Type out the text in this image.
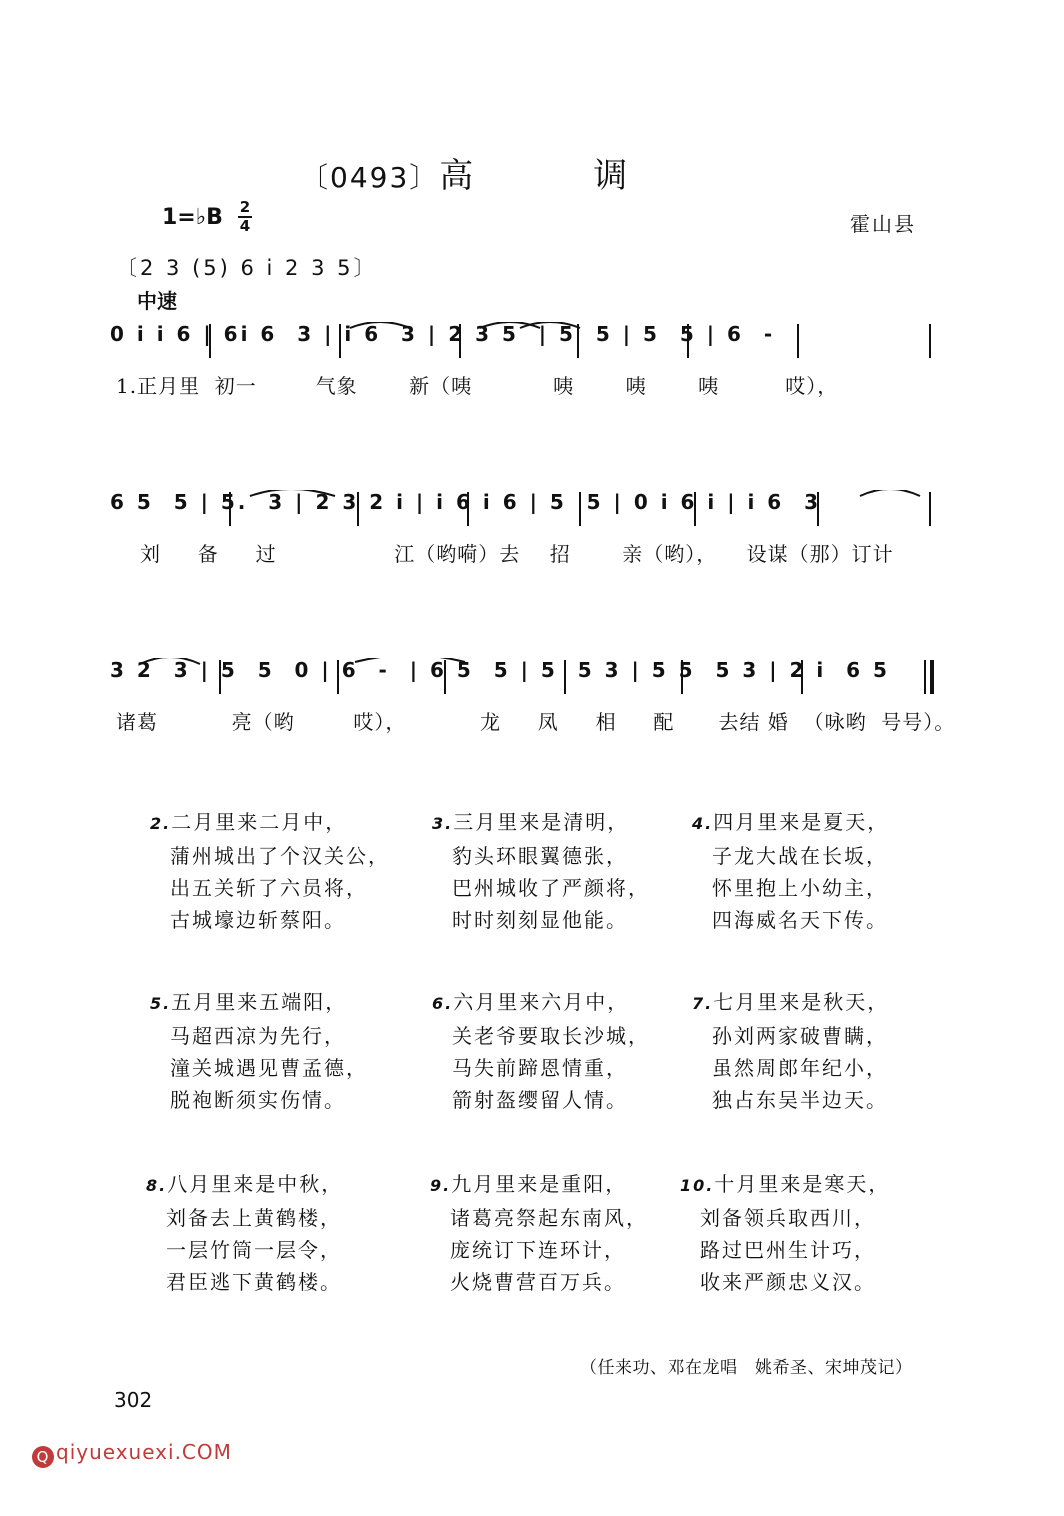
〔0493〕高	调
1=♭B 2
4	霍山县
〔2 3 (5) 6 i 2 3 5〕
中速
0 i i 6 | 6i 6  3 | i 6  3 | 2 3 5  | 5  5 | 5  5 | 6  -
1.正月里  初一        气象       新（咦           咦       咦       咦         哎），
6 5  5 | 5.  3 | 2 3 2 i | i 6 i 6 | 5  5 | 0 i 6 i | i 6  3
刘     备     过                江（哟嗬）去    招       亲（哟），    设谋（那）订计
3 2  3 | 5  5  0 | 6  -  | 6 5  5 | 5  5 3 | 5 5  5 3 | 2 i  6 5
诸葛          亮（哟        哎），          龙     凤     相     配      去结 婚  （咏哟  号号）。
2.二月里来二月中，
蒲州城出了个汉关公，
出五关斩了六员将，
古城壕边斩蔡阳。
3.三月里来是清明，
豹头环眼翼德张，
巴州城收了严颜将，
时时刻刻显他能。
4.四月里来是夏天，
子龙大战在长坂，
怀里抱上小幼主，
四海威名天下传。
5.五月里来五端阳，
马超西凉为先行，
潼关城遇见曹孟德，
脱袍断须实伤情。
6.六月里来六月中，
关老爷要取长沙城，
马失前蹄恩情重，
箭射盔缨留人情。
7.七月里来是秋天，
孙刘两家破曹瞒，
虽然周郎年纪小，
独占东吴半边天。
8.八月里来是中秋，
刘备去上黄鹤楼，
一层竹筒一层令，
君臣逃下黄鹤楼。
9.九月里来是重阳，
诸葛亮祭起东南风，
庞统订下连环计，
火烧曹营百万兵。
10.十月里来是寒天，
刘备领兵取西川，
路过巴州生计巧，
收来严颜忠义汉。
（任来功、邓在龙唱　姚希圣、宋坤茂记）
302
Q qiyuexuexi.COM
